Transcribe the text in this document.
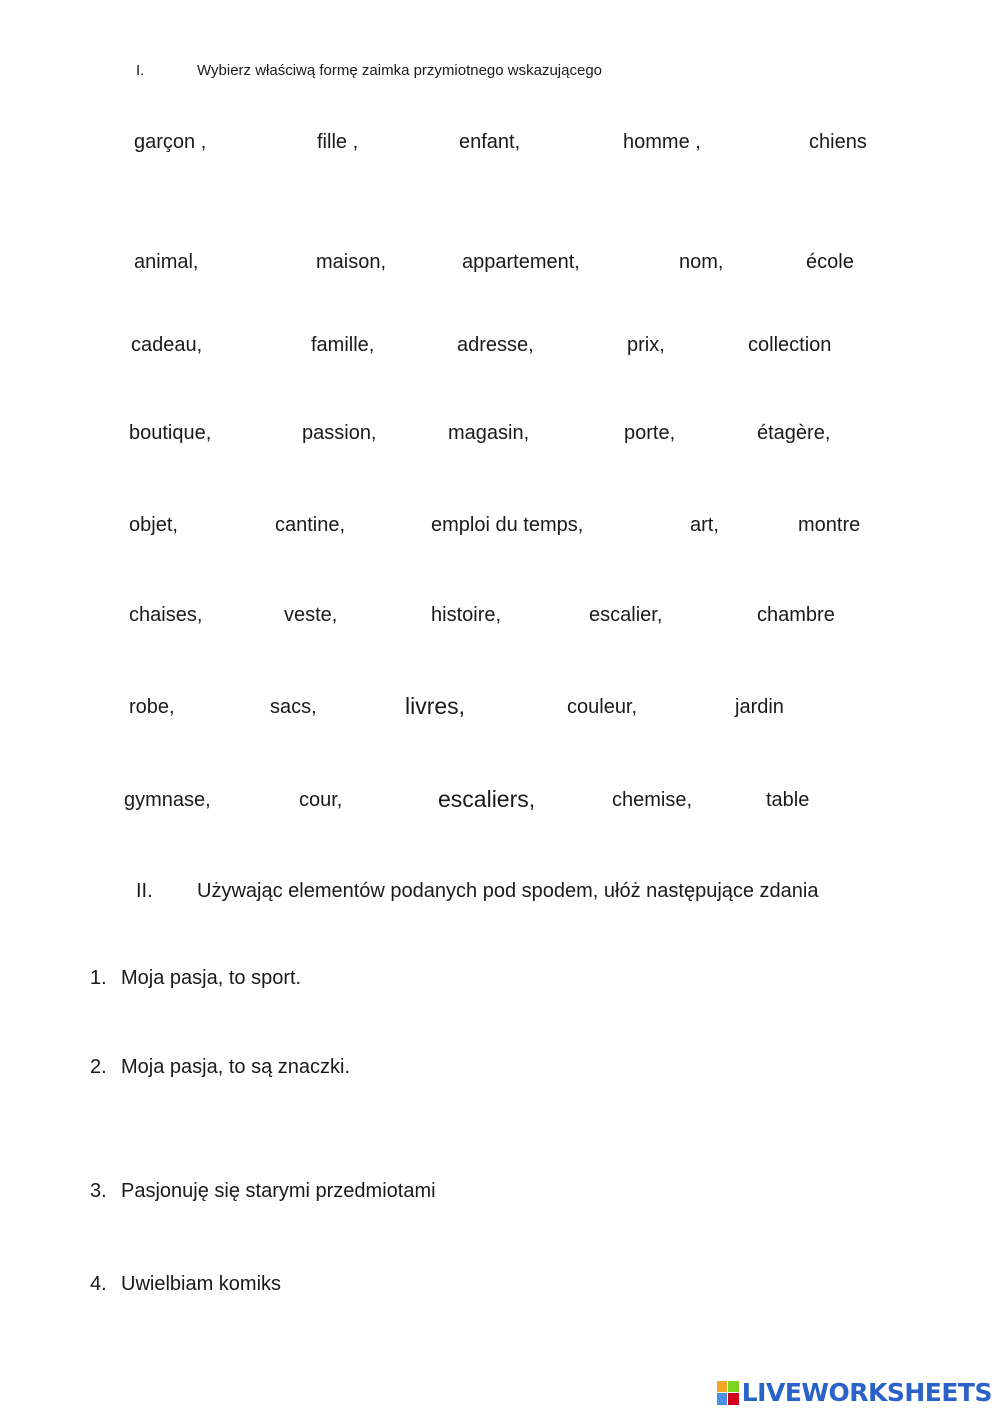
I.	Wybierz właściwą formę zaimka przymiotnego wskazującego
garçon ,	fille ,	enfant,	homme ,	chiens
animal,	maison,	appartement,	nom,	école
cadeau,	famille,	adresse,	prix,	collection
boutique,	passion,	magasin,	porte,	étagère,
objet,	cantine,	emploi du temps,	art,	montre
chaises,	veste,	histoire,	escalier,	chambre
robe,	sacs,	livres,	couleur,	jardin
gymnase,	cour,	escaliers,	chemise,	table
II. Używając elementów podanych pod spodem, ułóż następujące zdania
1. Moja pasja, to sport.
2. Moja pasja, to są znaczki.
3. Pasjonuję się starymi przedmiotami
4. Uwielbiam komiks
LIVEWORKSHEETS
